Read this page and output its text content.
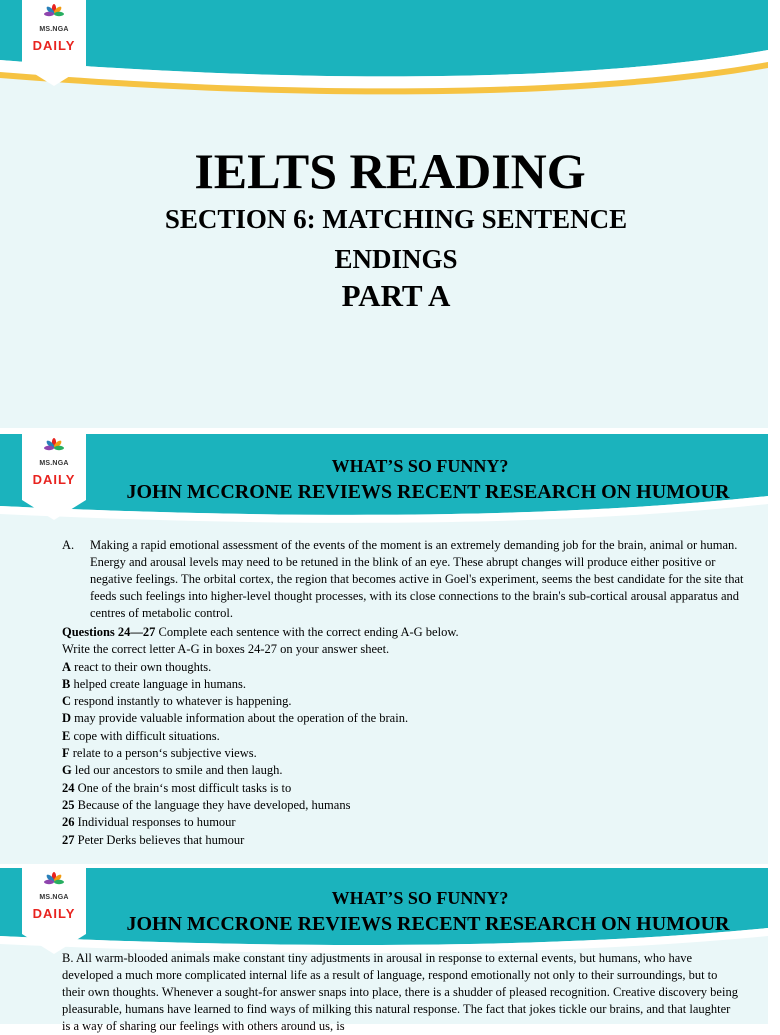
MS.NGA
DAILY
IELTS READING
SECTION 6: MATCHING SENTENCE
ENDINGS
PART A
MS.NGA
DAILY
WHAT’S SO FUNNY?
JOHN MCCRONE REVIEWS RECENT RESEARCH ON HUMOUR
A. Making a rapid emotional assessment of the events of the moment is an extremely demanding job for the brain, animal or human. Energy and arousal levels may need to be retuned in the blink of an eye. These abrupt changes will produce either positive or negative feelings. The orbital cortex, the region that becomes active in Goel's experiment, seems the best candidate for the site that feeds such feelings into higher-level thought processes, with its close connections to the brain's sub-cortical arousal apparatus and centres of metabolic control.
Questions 24—27 Complete each sentence with the correct ending A-G below.
Write the correct letter A-G in boxes 24-27 on your answer sheet.
A react to their own thoughts.
B helped create language in humans.
C respond instantly to whatever is happening.
D may provide valuable information about the operation of the brain.
E cope with difficult situations.
F relate to a person‘s subjective views.
G led our ancestors to smile and then laugh.
24 One of the brain‘s most difficult tasks is to
25 Because of the language they have developed, humans
26 Individual responses to humour
27 Peter Derks believes that humour
MS.NGA
DAILY
WHAT’S SO FUNNY?
JOHN MCCRONE REVIEWS RECENT RESEARCH ON HUMOUR
B. All warm-blooded animals make constant tiny adjustments in arousal in response to external events, but humans, who have developed a much more complicated internal life as a result of language, respond emotionally not only to their surroundings, but to their own thoughts. Whenever a sought-for answer snaps into place, there is a shudder of pleased recognition. Creative discovery being pleasurable, humans have learned to find ways of milking this natural response. The fact that jokes tickle our brains, and that laughter is a way of sharing our feelings with others around us, is
